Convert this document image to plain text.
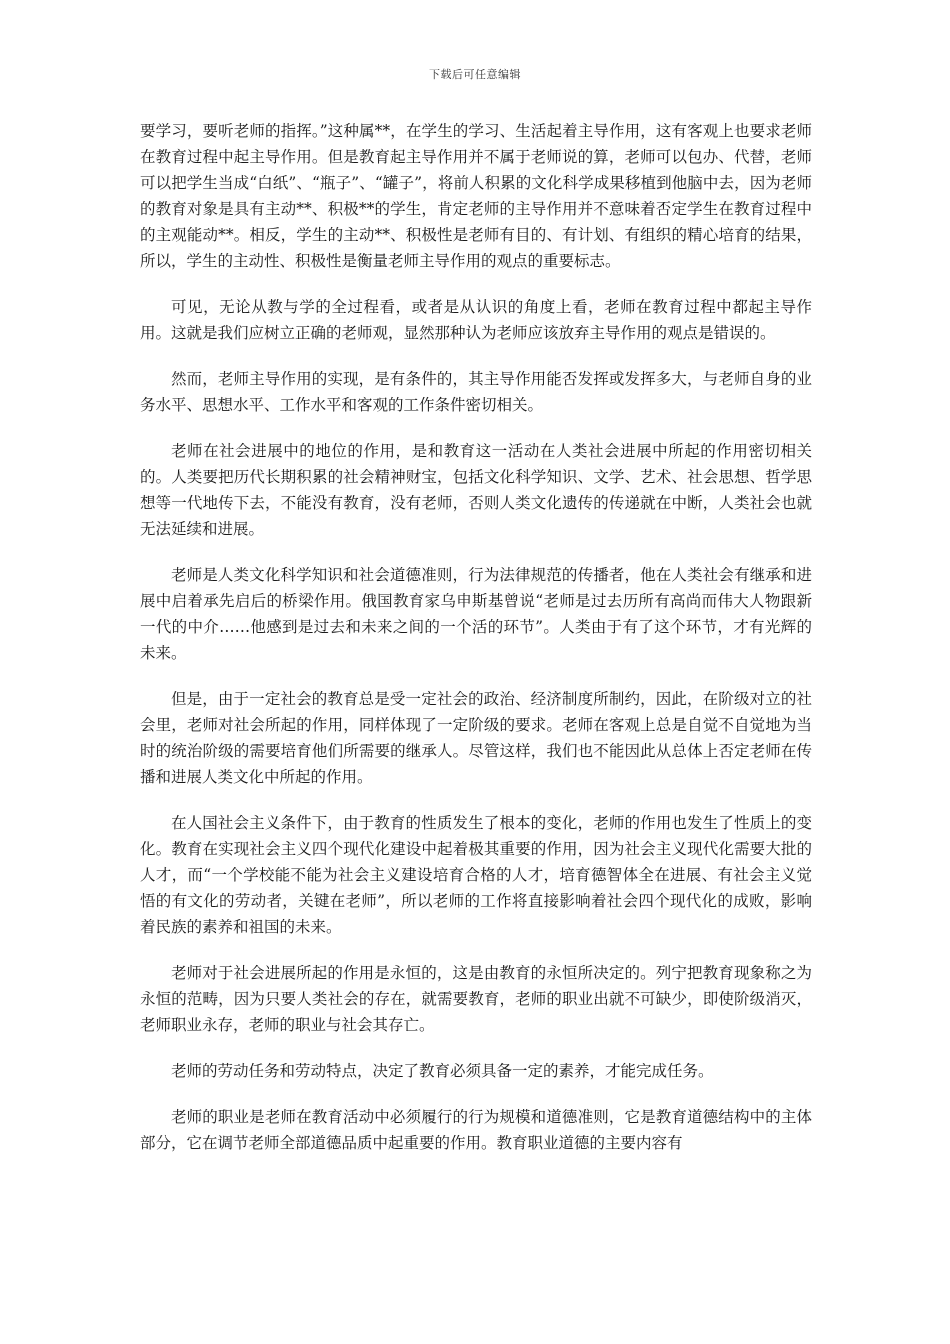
下载后可任意编辑

要学习，要听老师的指挥。”这种属**，在学生的学习、生活起着主导作用，这有客观上也要求老师在教育过程中起主导作用。但是教育起主导作用并不属于老师说的算，老师可以包办、代替，老师可以把学生当成“白纸”、“瓶子”、“罐子”，将前人积累的文化科学成果移植到他脑中去，因为老师的教育对象是具有主动**、积极**的学生，肯定老师的主导作用并不意味着否定学生在教育过程中的主观能动**。相反，学生的主动**、积极性是老师有目的、有计划、有组织的精心培育的结果，所以，学生的主动性、积极性是衡量老师主导作用的观点的重要标志。

可见，无论从教与学的全过程看，或者是从认识的角度上看，老师在教育过程中都起主导作用。这就是我们应树立正确的老师观，显然那种认为老师应该放弃主导作用的观点是错误的。

然而，老师主导作用的实现，是有条件的，其主导作用能否发挥或发挥多大，与老师自身的业务水平、思想水平、工作水平和客观的工作条件密切相关。

老师在社会进展中的地位的作用，是和教育这一活动在人类社会进展中所起的作用密切相关的。人类要把历代长期积累的社会精神财宝，包括文化科学知识、文学、艺术、社会思想、哲学思想等一代地传下去，不能没有教育，没有老师，否则人类文化遗传的传递就在中断，人类社会也就无法延续和进展。

老师是人类文化科学知识和社会道德准则，行为法律规范的传播者，他在人类社会有继承和进展中启着承先启后的桥梁作用。俄国教育家乌申斯基曾说“老师是过去历所有高尚而伟大人物跟新一代的中介……他感到是过去和未来之间的一个活的环节”。人类由于有了这个环节，才有光辉的未来。

但是，由于一定社会的教育总是受一定社会的政治、经济制度所制约，因此，在阶级对立的社会里，老师对社会所起的作用，同样体现了一定阶级的要求。老师在客观上总是自觉不自觉地为当时的统治阶级的需要培育他们所需要的继承人。尽管这样，我们也不能因此从总体上否定老师在传播和进展人类文化中所起的作用。

在人国社会主义条件下，由于教育的性质发生了根本的变化，老师的作用也发生了性质上的变化。教育在实现社会主义四个现代化建设中起着极其重要的作用，因为社会主义现代化需要大批的人才，而“一个学校能不能为社会主义建设培育合格的人才，培育德智体全在进展、有社会主义觉悟的有文化的劳动者，关键在老师”，所以老师的工作将直接影响着社会四个现代化的成败，影响着民族的素养和祖国的未来。

老师对于社会进展所起的作用是永恒的，这是由教育的永恒所决定的。列宁把教育现象称之为永恒的范畴，因为只要人类社会的存在，就需要教育，老师的职业出就不可缺少，即使阶级消灭，老师职业永存，老师的职业与社会其存亡。

老师的劳动任务和劳动特点，决定了教育必须具备一定的素养，才能完成任务。

老师的职业是老师在教育活动中必须履行的行为规模和道德准则，它是教育道德结构中的主体部分，它在调节老师全部道德品质中起重要的作用。教育职业道德的主要内容有
